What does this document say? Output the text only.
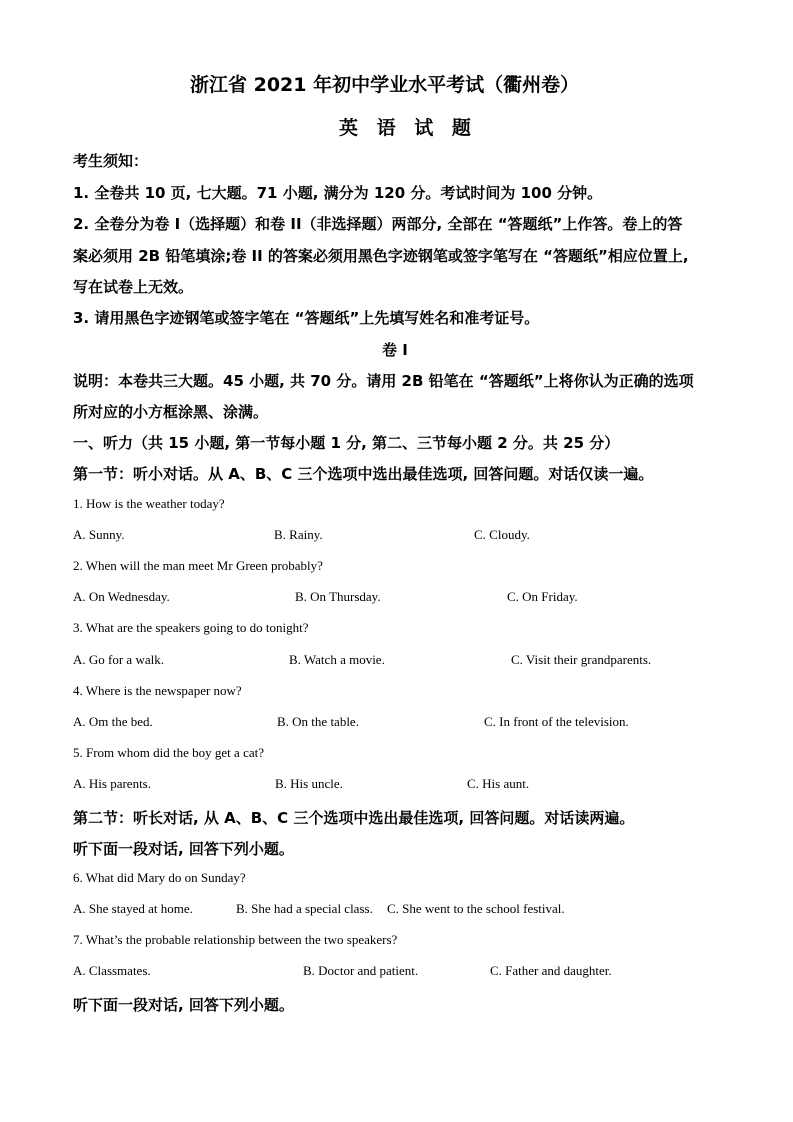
浙江省 2021 年初中学业水平考试（衢州卷）
英 语 试 题
考生须知：
1. 全卷共 10 页, 七大题。71 小题, 满分为 120 分。考试时间为 100 分钟。
2. 全卷分为卷 I（选择题）和卷 II（非选择题）两部分, 全部在 “答题纸”上作答。卷上的答
案必须用 2B 铅笔填涂;卷 II 的答案必须用黑色字迹钢笔或签字笔写在 “答题纸”相应位置上,
写在试卷上无效。
3. 请用黑色字迹钢笔或签字笔在 “答题纸”上先填写姓名和准考证号。
卷 I
说明：本卷共三大题。45 小题, 共 70 分。请用 2B 铅笔在 “答题纸”上将你认为正确的选项
所对应的小方框涂黑、涂满。
一、听力（共 15 小题, 第一节每小题 1 分, 第二、三节每小题 2 分。共 25 分）
第一节：听小对话。从 A、B、C 三个选项中选出最佳选项, 回答问题。对话仅读一遍。
1. How is the weather today?
A. Sunny.	B. Rainy.	C. Cloudy.
2. When will the man meet Mr Green probably?
A. On Wednesday.	B. On Thursday.	C. On Friday.
3. What are the speakers going to do tonight?
A. Go for a walk.	B. Watch a movie.	C. Visit their grandparents.
4. Where is the newspaper now?
A. Om the bed.	B. On the table.	C. In front of the television.
5. From whom did the boy get a cat?
A. His parents.	B. His uncle.	C. His aunt.
第二节：听长对话, 从 A、B、C 三个选项中选出最佳选项, 回答问题。对话读两遍。
听下面一段对话, 回答下列小题。
6. What did Mary do on Sunday?
A. She stayed at home.	B. She had a special class. C. She went to the school festival.
7. What’s the probable relationship between the two speakers?
A. Classmates.	B. Doctor and patient.	C. Father and daughter.
听下面一段对话, 回答下列小题。
